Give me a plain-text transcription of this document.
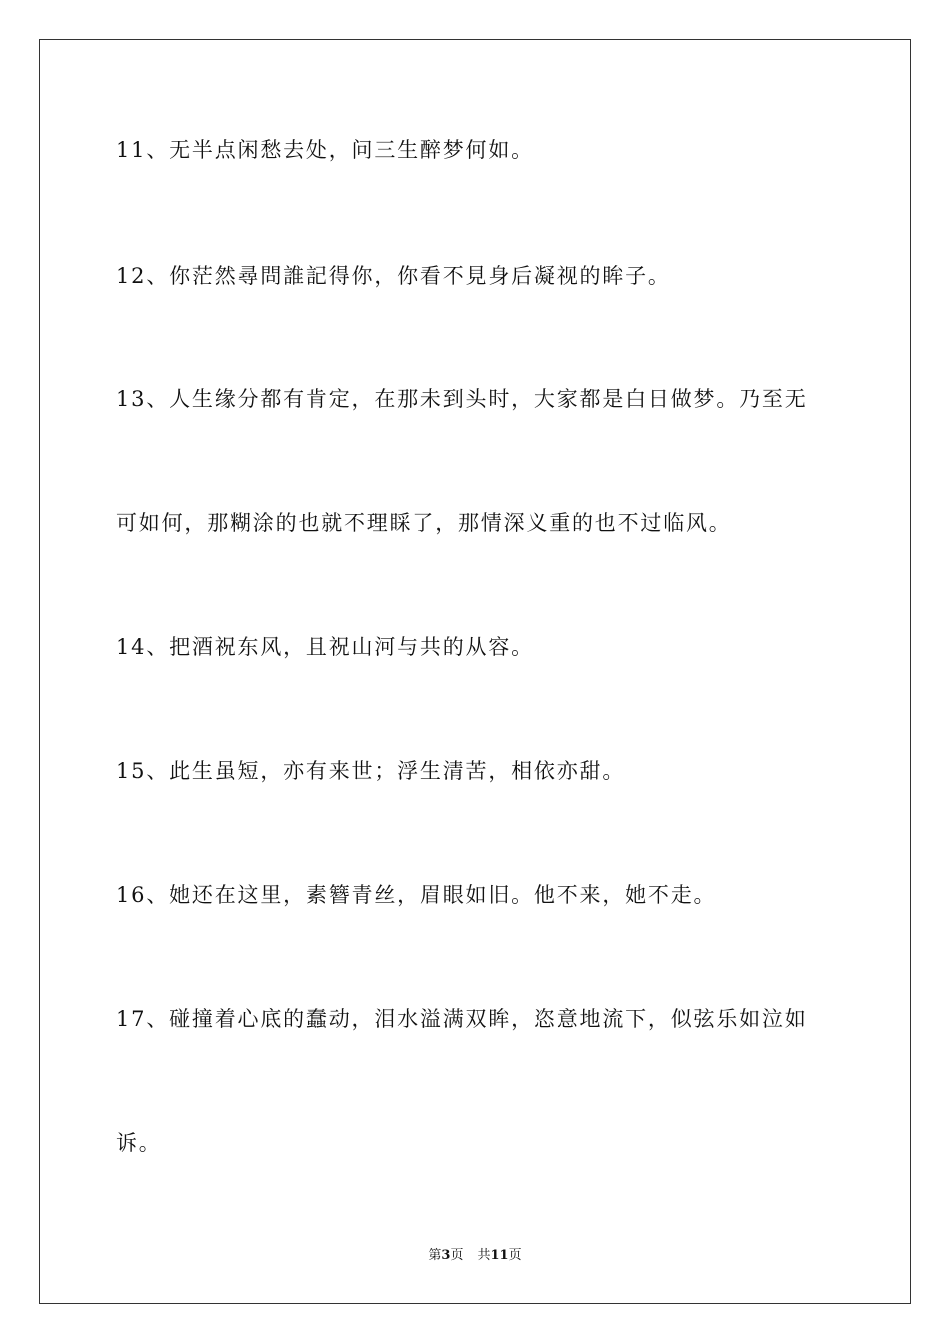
11、无半点闲愁去处，问三生醉梦何如。
12、你茫然尋問誰記得你，你看不見身后凝视的眸子。
13、人生缘分都有肯定，在那未到头时，大家都是白日做梦。乃至无
可如何，那糊涂的也就不理睬了，那情深义重的也不过临风。
14、把酒祝东风，且祝山河与共的从容。
15、此生虽短，亦有来世；浮生清苦，相依亦甜。
16、她还在这里，素簪青丝，眉眼如旧。他不来，她不走。
17、碰撞着心底的蠢动，泪水溢满双眸，恣意地流下，似弦乐如泣如
诉。
第3页 共11页
